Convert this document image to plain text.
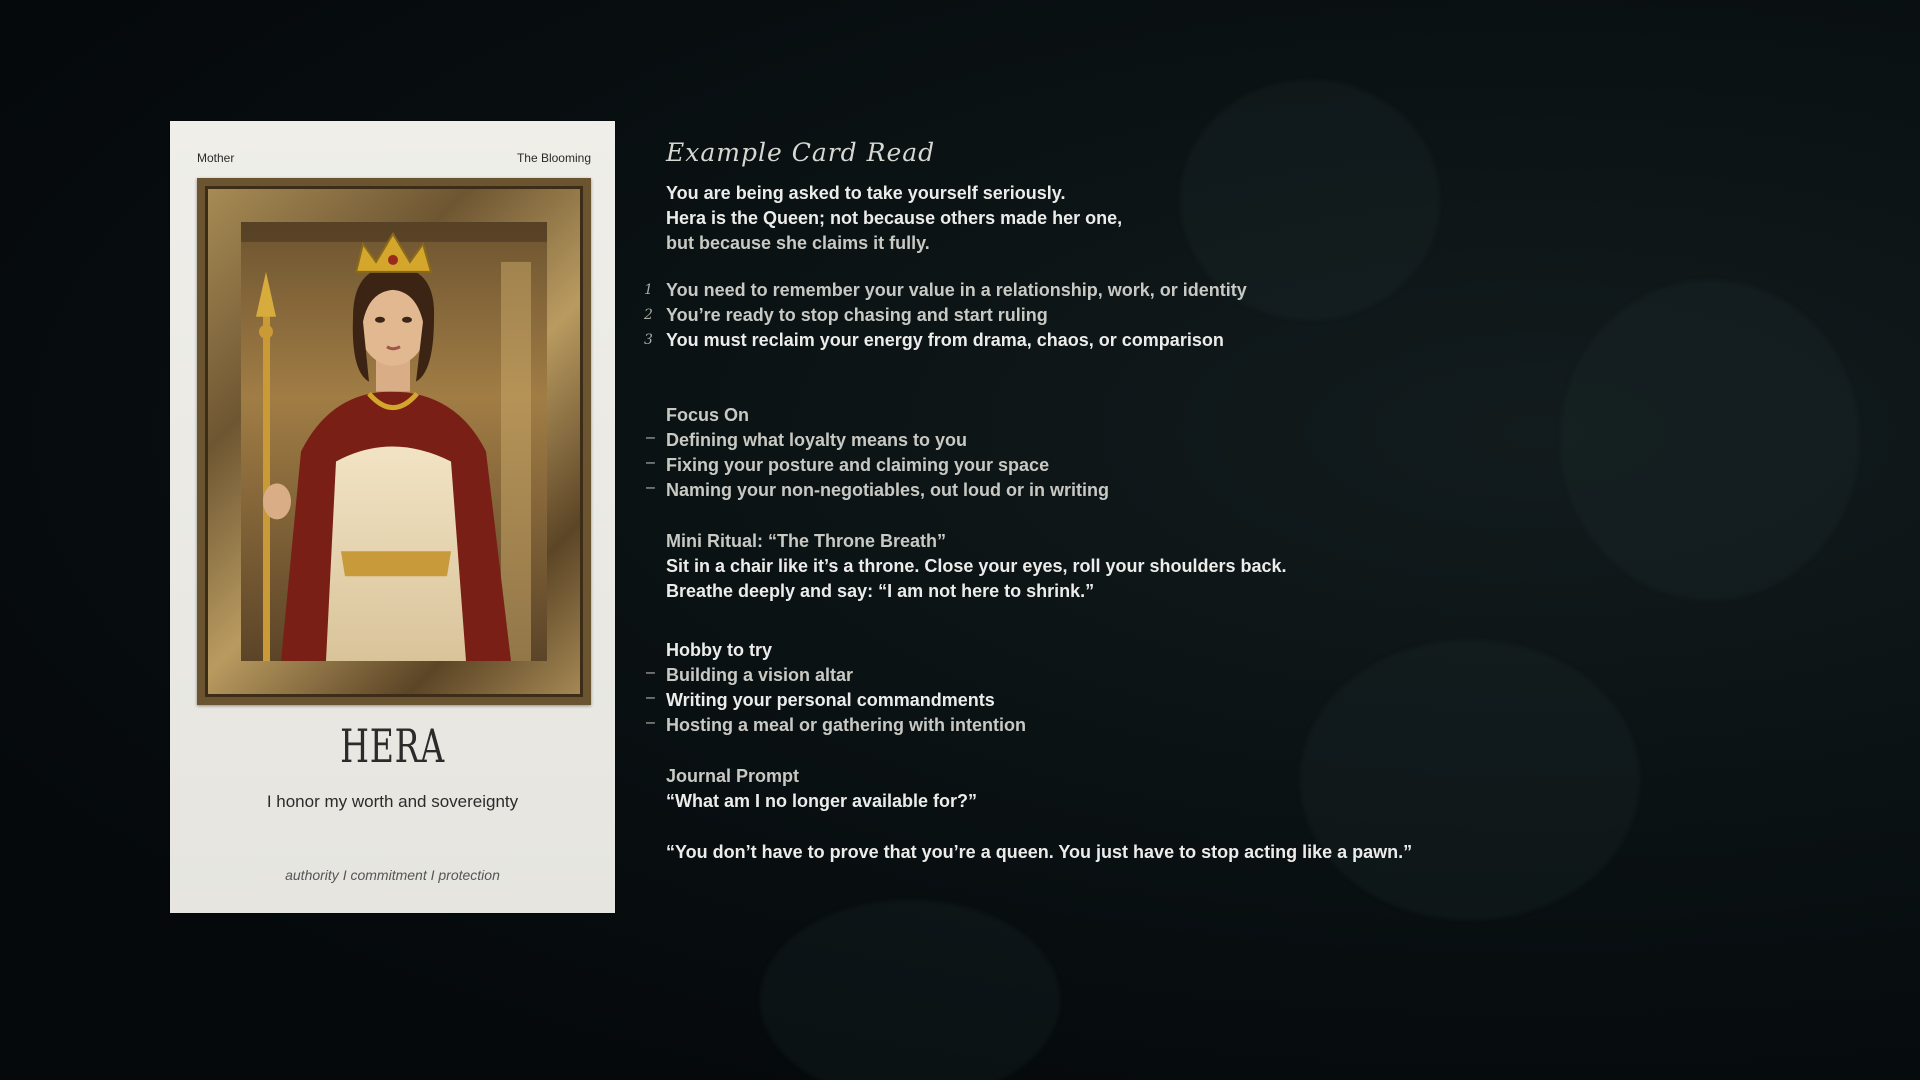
Mother	The Blooming
HERA
I honor my worth and sovereignty
authority I commitment I protection
Example Card Read
You are being asked to take yourself seriously.
Hera is the Queen; not because others made her one,
but because she claims it fully.
1 You need to remember your value in a relationship, work, or identity
2 You’re ready to stop chasing and start ruling
3 You must reclaim your energy from drama, chaos, or comparison
Focus On
– Defining what loyalty means to you
– Fixing your posture and claiming your space
– Naming your non-negotiables, out loud or in writing
Mini Ritual: “The Throne Breath”
Sit in a chair like it’s a throne. Close your eyes, roll your shoulders back.
Breathe deeply and say: “I am not here to shrink.”
Hobby to try
– Building a vision altar
– Writing your personal commandments
– Hosting a meal or gathering with intention
Journal Prompt
“What am I no longer available for?”
“You don’t have to prove that you’re a queen. You just have to stop acting like a pawn.”
